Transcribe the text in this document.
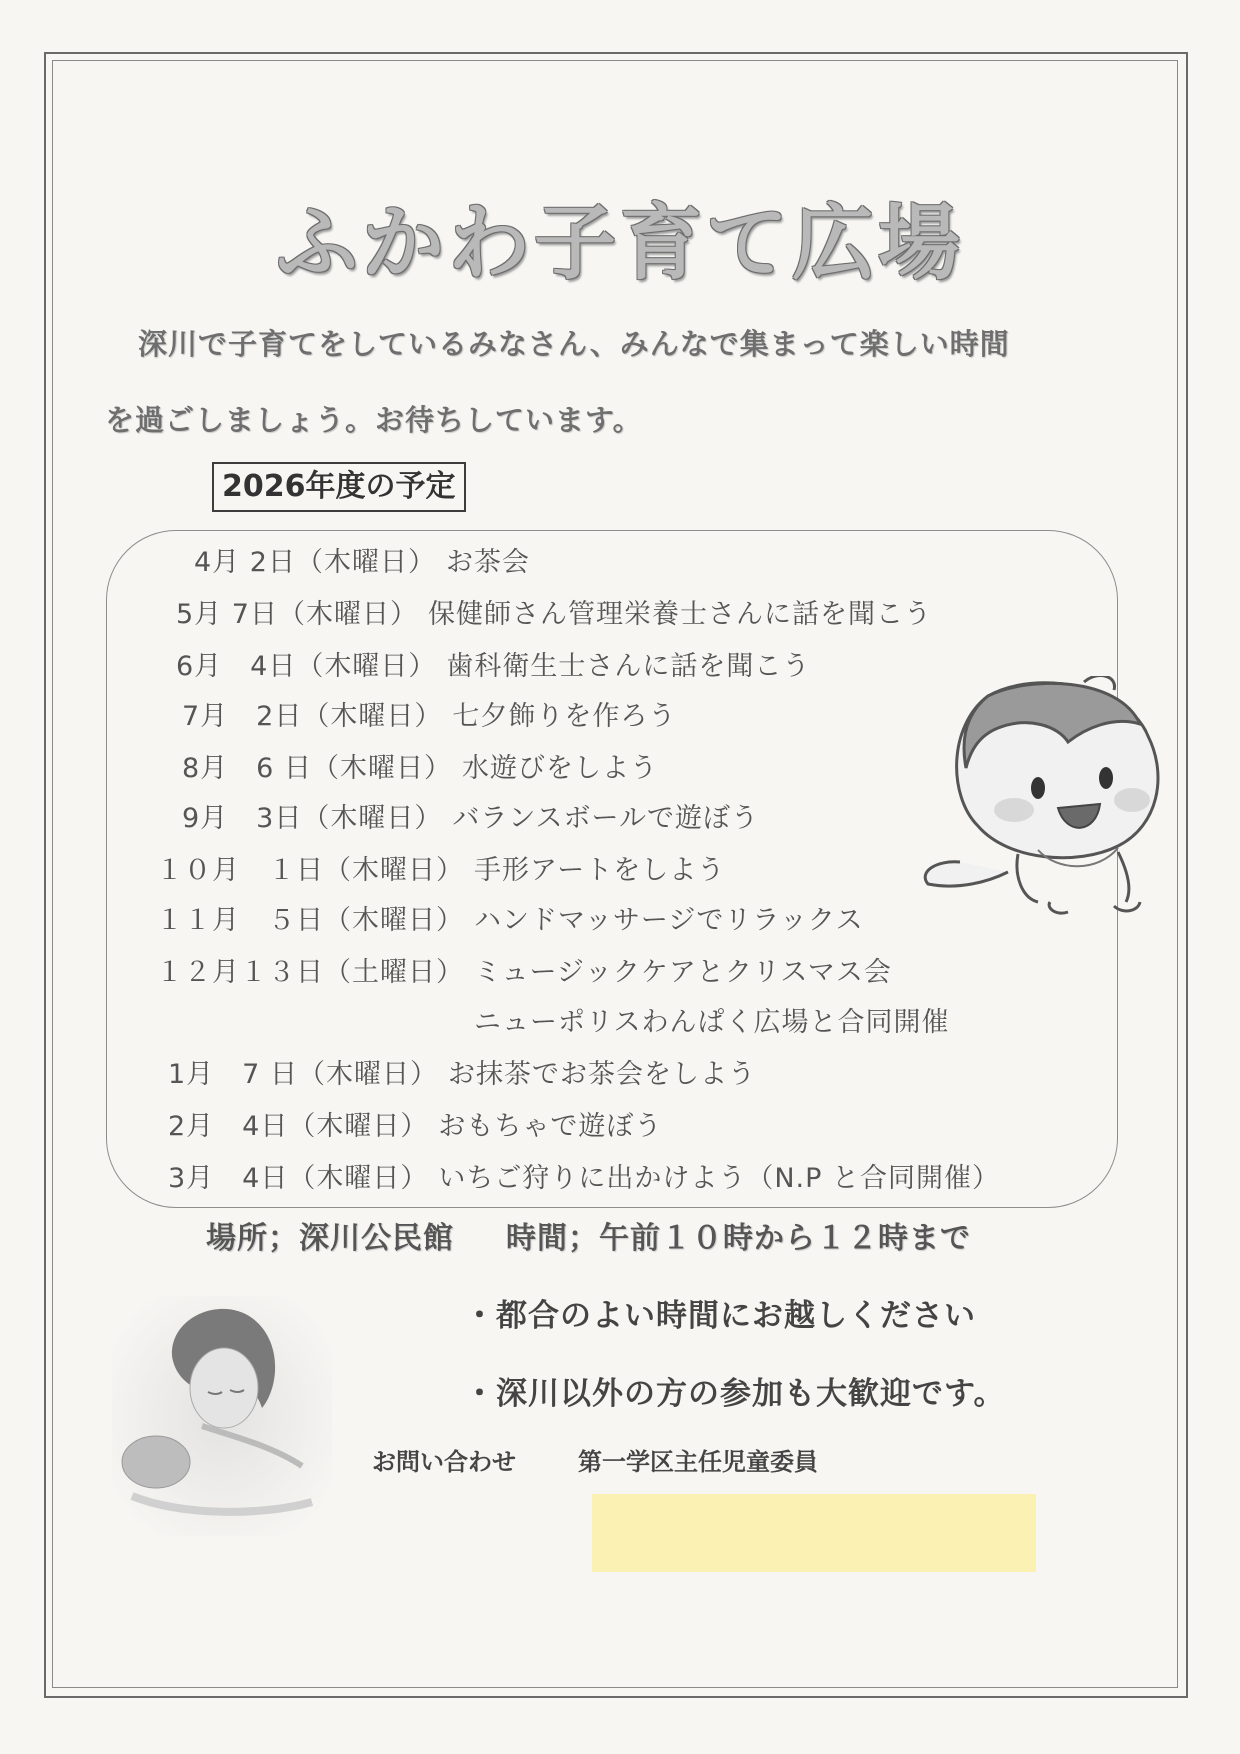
ふかわ子育て広場
深川で子育てをしているみなさん、みんなで集まって楽しい時間
を過ごしましょう。お待ちしています。
2026年度の予定
4月 2日（木曜日） お茶会
5月 7日（木曜日） 保健師さん管理栄養士さんに話を聞こう
6月　4日（木曜日） 歯科衛生士さんに話を聞こう
7月　2日（木曜日） 七夕飾りを作ろう
8月　6 日（木曜日） 水遊びをしよう
9月　3日（木曜日） バランスボールで遊ぼう
１０月　１日（木曜日） 手形アートをしよう
１１月　５日（木曜日） ハンドマッサージでリラックス
１２月１３日（土曜日） ミュージックケアとクリスマス会
1月　7 日（木曜日） お抹茶でお茶会をしよう
2月　4日（木曜日） おもちゃで遊ぼう
3月　4日（木曜日） いちご狩りに出かけよう（N.P と合同開催）
ニューポリスわんぱく広場と合同開催
場所；深川公民館 時間；午前１０時から１２時まで
・都合のよい時間にお越しください
・深川以外の方の参加も大歓迎です。
お問い合わせ	第一学区主任児童委員
